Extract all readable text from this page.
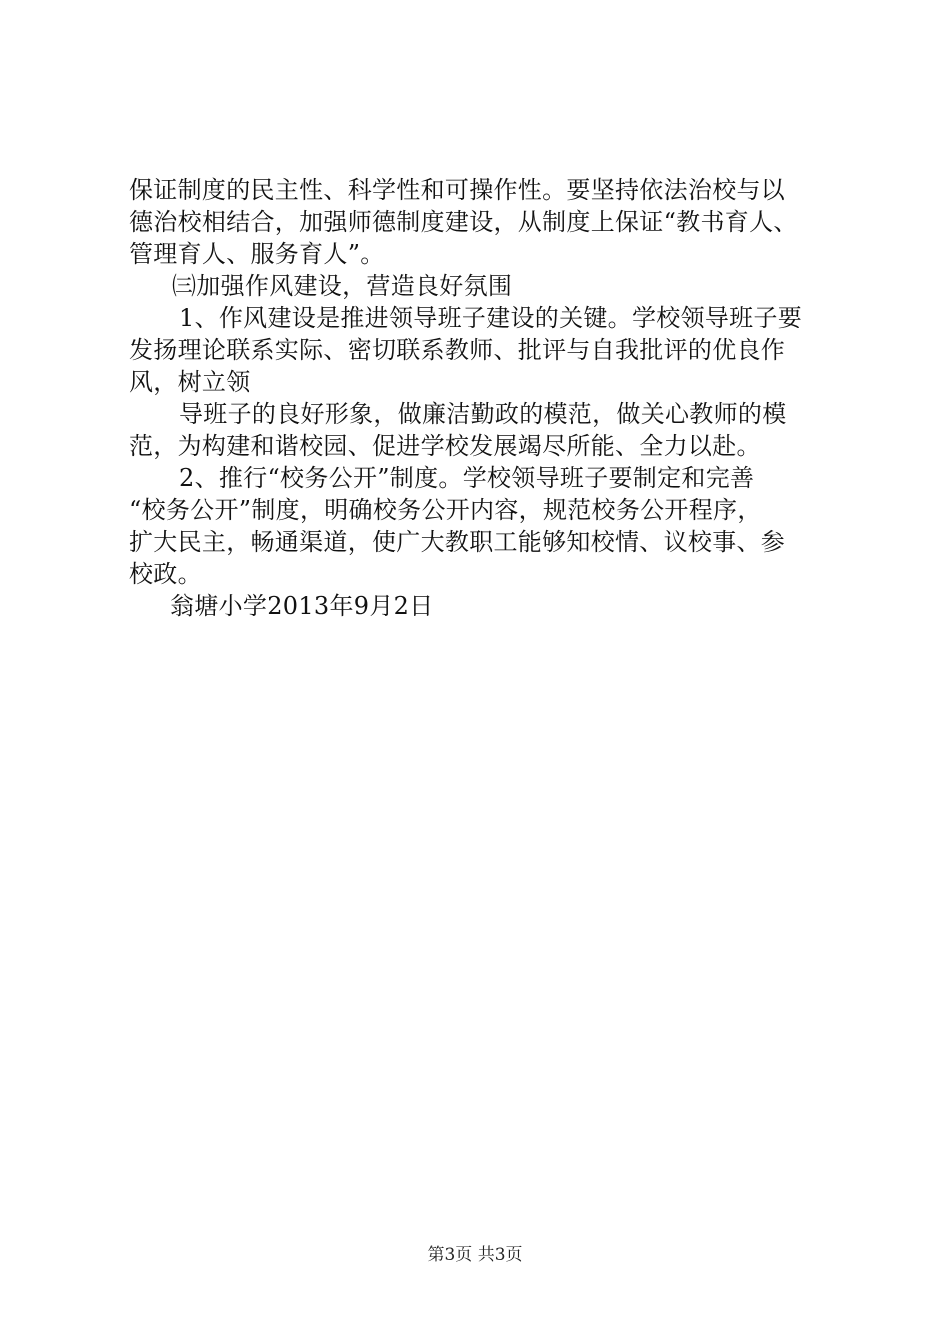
保证制度的民主性、科学性和可操作性。要坚持依法治校与以
德治校相结合，加强师德制度建设，从制度上保证“教书育人、
管理育人、服务育人”。
㈢加强作风建设，营造良好氛围
1、作风建设是推进领导班子建设的关键。学校领导班子要
发扬理论联系实际、密切联系教师、批评与自我批评的优良作
风，树立领
导班子的良好形象，做廉洁勤政的模范，做关心教师的模
范，为构建和谐校园、促进学校发展竭尽所能、全力以赴。
2、推行“校务公开”制度。学校领导班子要制定和完善
“校务公开”制度，明确校务公开内容，规范校务公开程序，
扩大民主，畅通渠道，使广大教职工能够知校情、议校事、参
校政。
翁塘小学2013年9月2日
第3页 共3页
